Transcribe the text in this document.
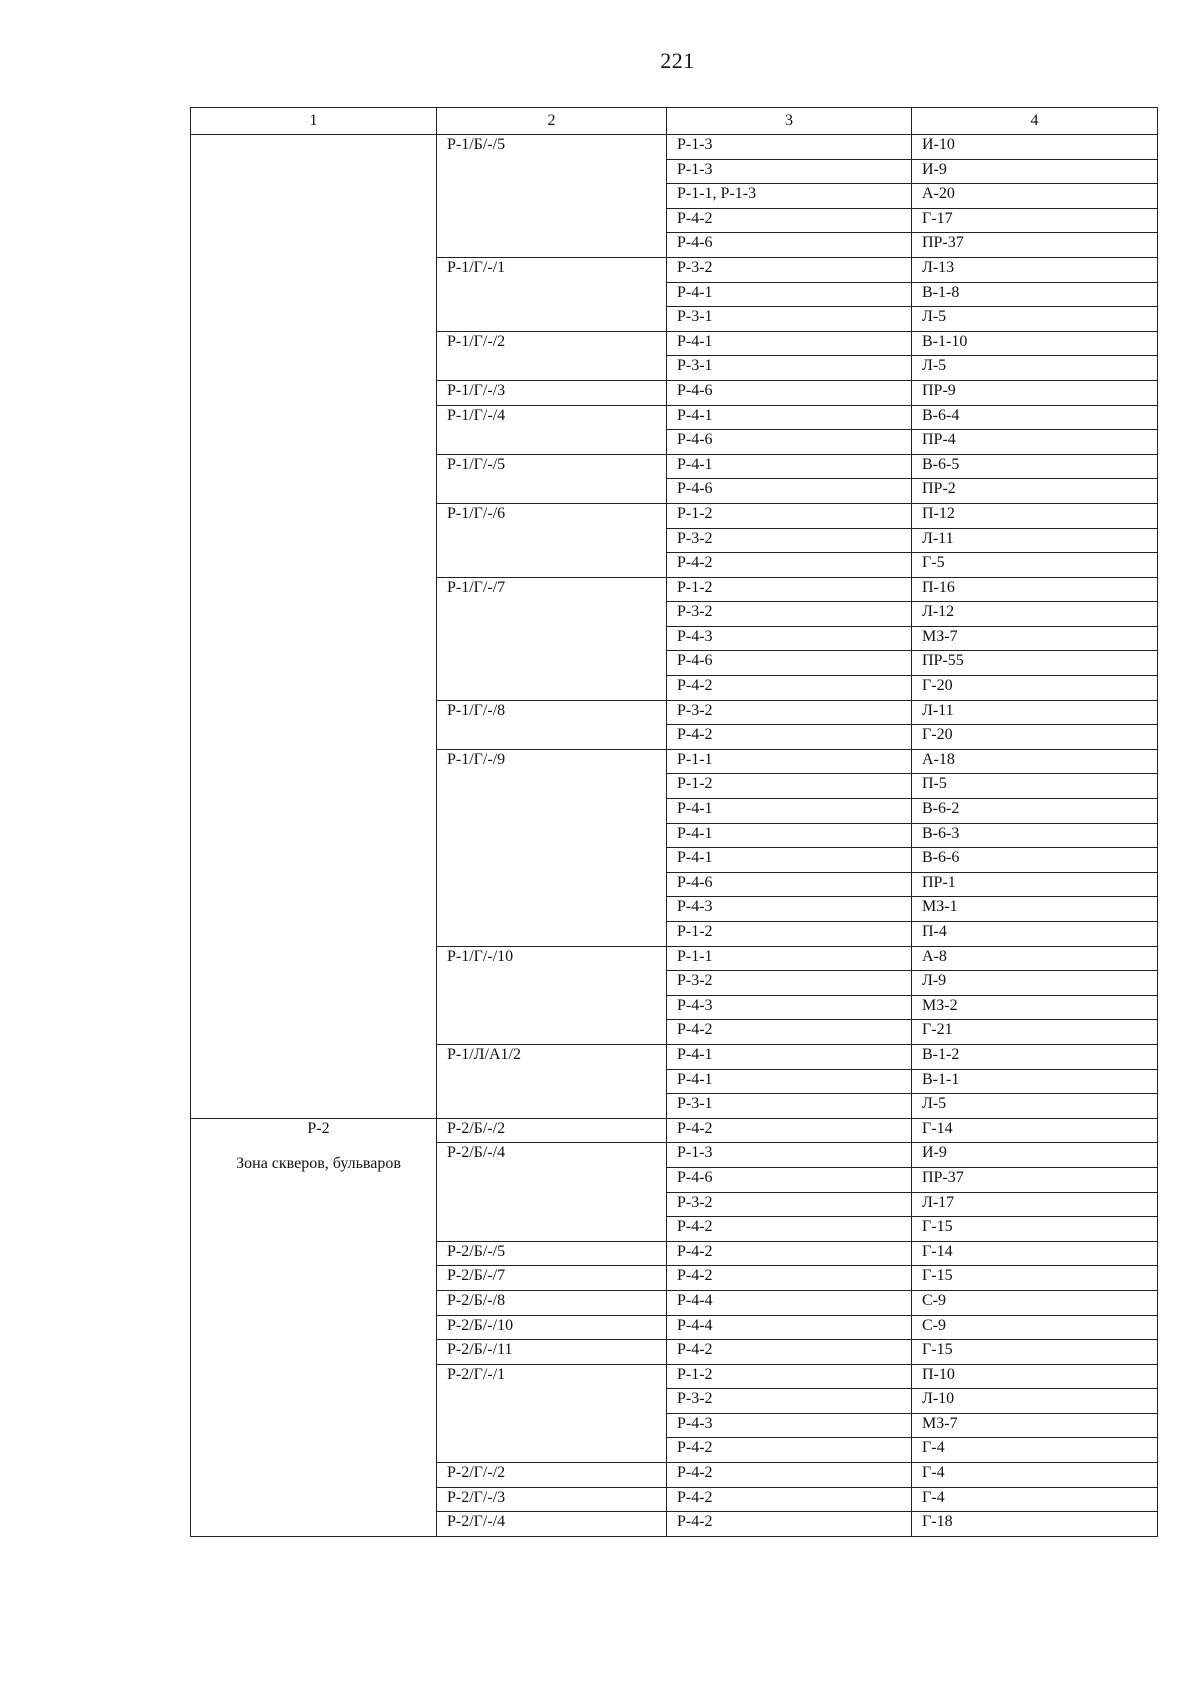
221
1	2	3	4

	Р-1/Б/-/5	Р-1-3	И-10
		Р-1-3	И-9
		Р-1-1, Р-1-3	А-20
		Р-4-2	Г-17
		Р-4-6	ПР-37
	Р-1/Г/-/1	Р-3-2	Л-13
		Р-4-1	В-1-8
		Р-3-1	Л-5
	Р-1/Г/-/2	Р-4-1	В-1-10
		Р-3-1	Л-5
	Р-1/Г/-/3	Р-4-6	ПР-9
	Р-1/Г/-/4	Р-4-1	В-6-4
		Р-4-6	ПР-4
	Р-1/Г/-/5	Р-4-1	В-6-5
		Р-4-6	ПР-2
	Р-1/Г/-/6	Р-1-2	П-12
		Р-3-2	Л-11
		Р-4-2	Г-5
	Р-1/Г/-/7	Р-1-2	П-16
		Р-3-2	Л-12
		Р-4-3	МЗ-7
		Р-4-6	ПР-55
		Р-4-2	Г-20
	Р-1/Г/-/8	Р-3-2	Л-11
		Р-4-2	Г-20
	Р-1/Г/-/9	Р-1-1	А-18
		Р-1-2	П-5
		Р-4-1	В-6-2
		Р-4-1	В-6-3
		Р-4-1	В-6-6
		Р-4-6	ПР-1
		Р-4-3	МЗ-1
		Р-1-2	П-4
	Р-1/Г/-/10	Р-1-1	А-8
		Р-3-2	Л-9
		Р-4-3	МЗ-2
		Р-4-2	Г-21
	Р-1/Л/А1/2	Р-4-1	В-1-2
		Р-4-1	В-1-1
		Р-3-1	Л-5
Р-2
Зона скверов, бульваров	Р-2/Б/-/2	Р-4-2	Г-14
	Р-2/Б/-/4	Р-1-3	И-9
		Р-4-6	ПР-37
		Р-3-2	Л-17
		Р-4-2	Г-15
	Р-2/Б/-/5	Р-4-2	Г-14
	Р-2/Б/-/7	Р-4-2	Г-15
	Р-2/Б/-/8	Р-4-4	С-9
	Р-2/Б/-/10	Р-4-4	С-9
	Р-2/Б/-/11	Р-4-2	Г-15
	Р-2/Г/-/1	Р-1-2	П-10
		Р-3-2	Л-10
		Р-4-3	МЗ-7
		Р-4-2	Г-4
	Р-2/Г/-/2	Р-4-2	Г-4
	Р-2/Г/-/3	Р-4-2	Г-4
	Р-2/Г/-/4	Р-4-2	Г-18
